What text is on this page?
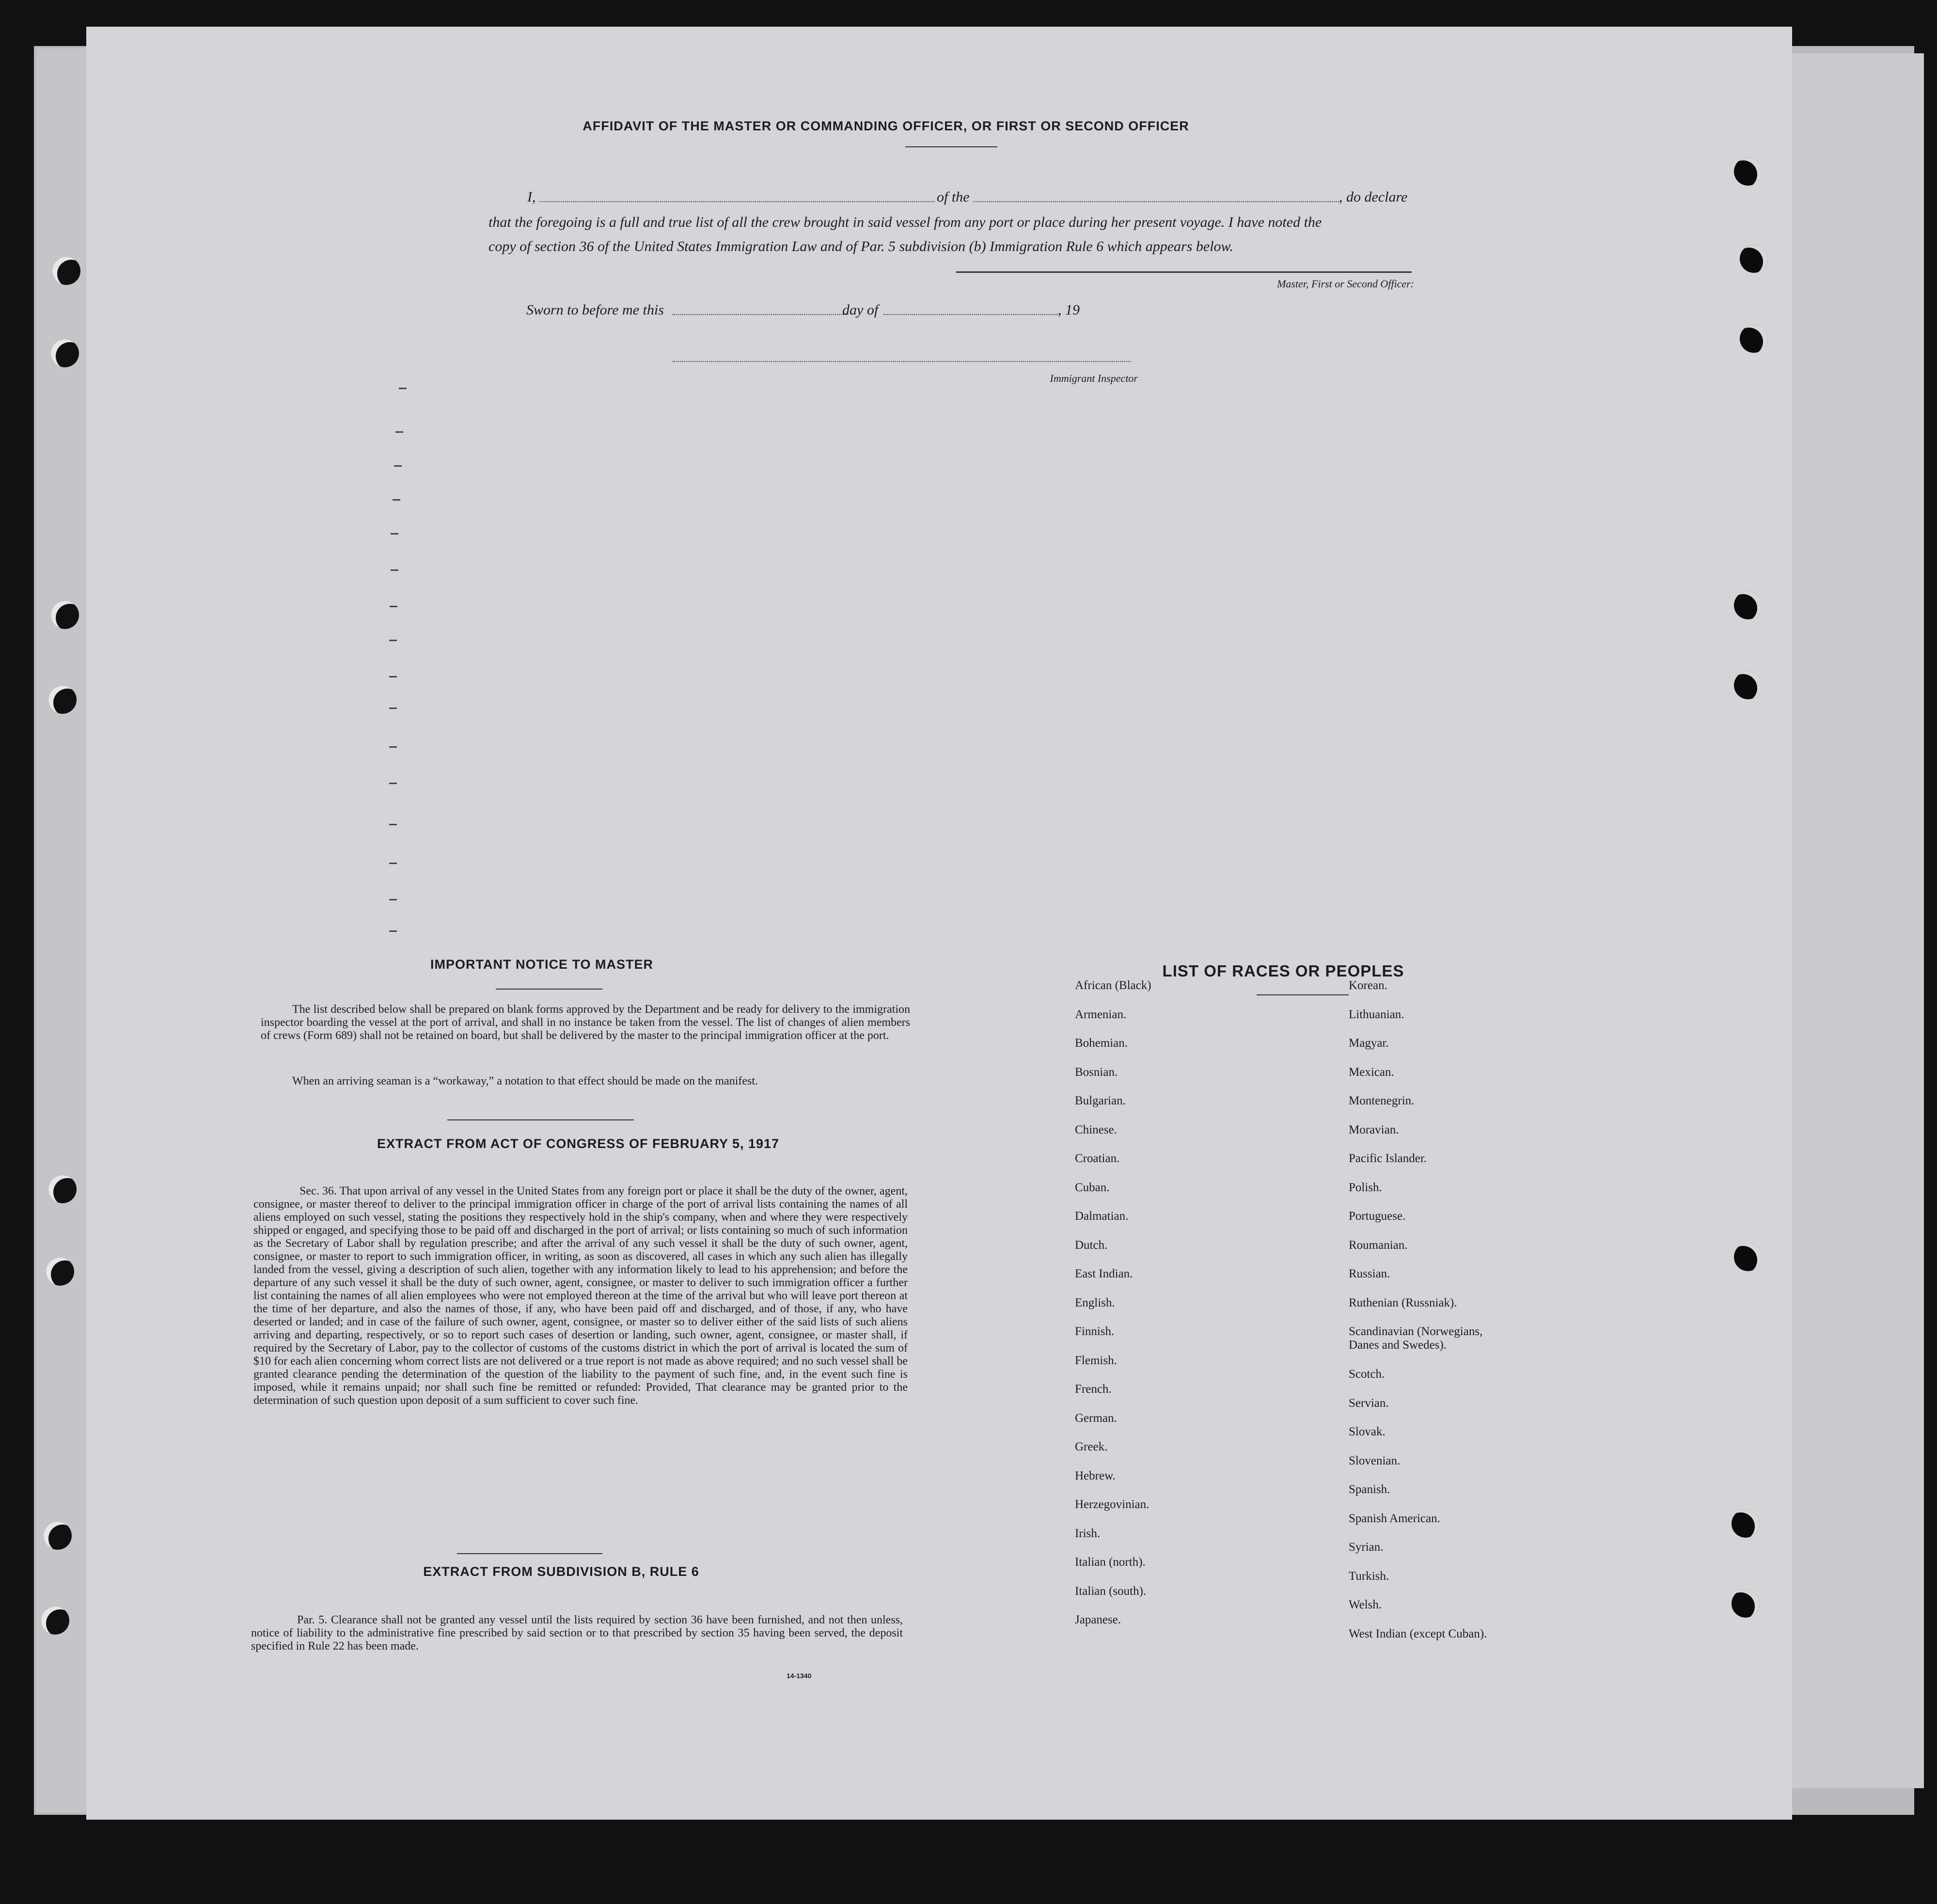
AFFIDAVIT OF THE MASTER OR COMMANDING OFFICER, OR FIRST OR SECOND OFFICER
I,	of the	, do declare
that the foregoing is a full and true list of all the crew brought in said vessel from any port or place during her present voyage. I have noted the
copy of section 36 of the United States Immigration Law and of Par. 5 subdivision (b) Immigration Rule 6 which appears below.
Master, First or Second Officer:
Sworn to before me this	day of	, 19
Immigrant Inspector
IMPORTANT NOTICE TO MASTER
The list described below shall be prepared on blank forms approved by the Department and be ready for delivery to the immigration inspector boarding the vessel at the port of arrival, and shall in no instance be taken from the vessel. The list of changes of alien members of crews (Form 689) shall not be retained on board, but shall be delivered by the master to the principal immigration officer at the port.
When an arriving seaman is a “workaway,” a notation to that effect should be made on the manifest.
EXTRACT FROM ACT OF CONGRESS OF FEBRUARY 5, 1917
Sec. 36. That upon arrival of any vessel in the United States from any foreign port or place it shall be the duty of the owner, agent, consignee, or master thereof to deliver to the principal immigration officer in charge of the port of arrival lists containing the names of all aliens employed on such vessel, stating the positions they respectively hold in the ship's company, when and where they were respectively shipped or engaged, and specifying those to be paid off and discharged in the port of arrival; or lists containing so much of such information as the Secretary of Labor shall by regulation prescribe; and after the arrival of any such vessel it shall be the duty of such owner, agent, consignee, or master to report to such immigration officer, in writing, as soon as discovered, all cases in which any such alien has illegally landed from the vessel, giving a description of such alien, together with any information likely to lead to his apprehension; and before the departure of any such vessel it shall be the duty of such owner, agent, consignee, or master to deliver to such immigration officer a further list containing the names of all alien employees who were not employed thereon at the time of the arrival but who will leave port thereon at the time of her departure, and also the names of those, if any, who have been paid off and discharged, and of those, if any, who have deserted or landed; and in case of the failure of such owner, agent, consignee, or master so to deliver either of the said lists of such aliens arriving and departing, respectively, or so to report such cases of desertion or landing, such owner, agent, consignee, or master shall, if required by the Secretary of Labor, pay to the collector of customs of the customs district in which the port of arrival is located the sum of $10 for each alien concerning whom correct lists are not delivered or a true report is not made as above required; and no such vessel shall be granted clearance pending the determination of the question of the liability to the payment of such fine, and, in the event such fine is imposed, while it remains unpaid; nor shall such fine be remitted or refunded: Provided, That clearance may be granted prior to the determination of such question upon deposit of a sum sufficient to cover such fine.
EXTRACT FROM SUBDIVISION B, RULE 6
Par. 5. Clearance shall not be granted any vessel until the lists required by section 36 have been furnished, and not then unless, notice of liability to the administrative fine prescribed by said section or to that prescribed by section 35 having been served, the deposit specified in Rule 22 has been made.
14-1340
LIST OF RACES OR PEOPLES
African (Black)
Armenian.
Bohemian.
Bosnian.
Bulgarian.
Chinese.
Croatian.
Cuban.
Dalmatian.
Dutch.
East Indian.
English.
Finnish.
Flemish.
French.
German.
Greek.
Hebrew.
Herzegovinian.
Irish.
Italian (north).
Italian (south).
Japanese.
Korean.
Lithuanian.
Magyar.
Mexican.
Montenegrin.
Moravian.
Pacific Islander.
Polish.
Portuguese.
Roumanian.
Russian.
Ruthenian (Russniak).
Scandinavian (Norwegians,
Danes and Swedes).
Scotch.
Servian.
Slovak.
Slovenian.
Spanish.
Spanish American.
Syrian.
Turkish.
Welsh.
West Indian (except Cuban).
